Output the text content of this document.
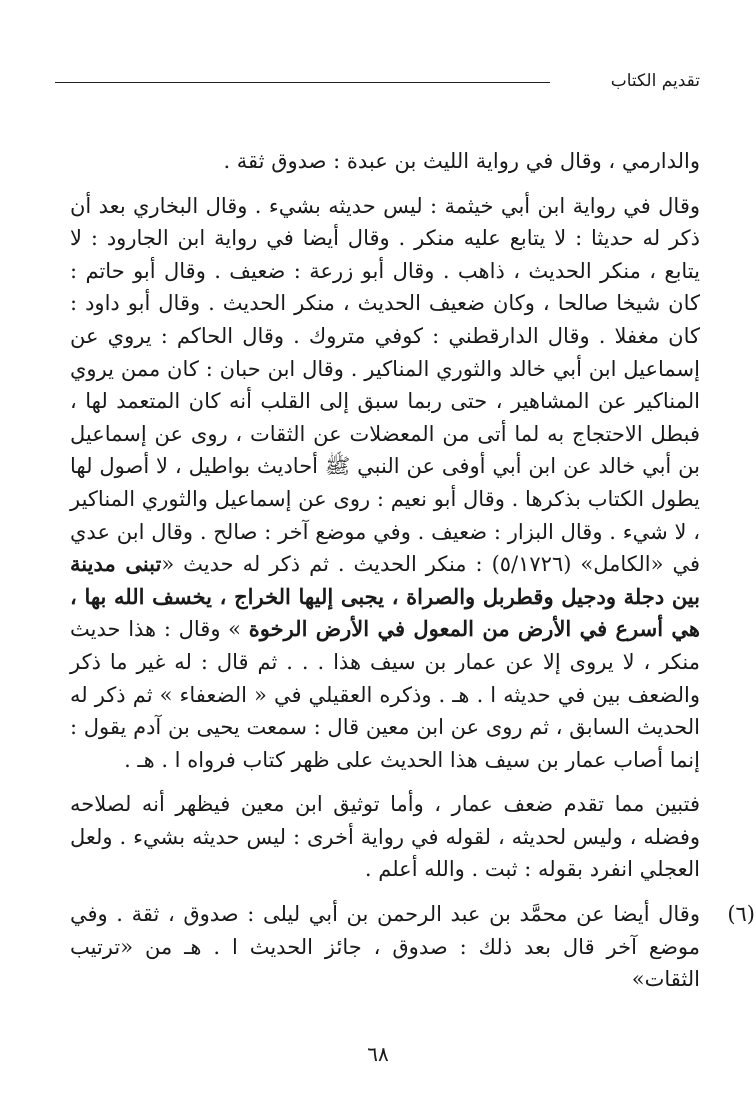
تقديم الكتاب

والدارمي ، وقال في رواية الليث بن عبدة : صدوق ثقة .

وقال في رواية ابن أبي خيثمة : ليس حديثه بشيء . وقال البخاري بعد أن ذكر له حديثا : لا يتابع عليه منكر . وقال أيضا في رواية ابن الجارود : لا يتابع ، منكر الحديث ، ذاهب . وقال أبو زرعة : ضعيف . وقال أبو حاتم : كان شيخا صالحا ، وكان ضعيف الحديث ، منكر الحديث . وقال أبو داود : كان مغفلا . وقال الدارقطني : كوفي متروك . وقال الحاكم : يروي عن إسماعيل ابن أبي خالد والثوري المناكير . وقال ابن حبان : كان ممن يروي المناكير عن المشاهير ، حتى ربما سبق إلى القلب أنه كان المتعمد لها ، فبطل الاحتجاج به لما أتى من المعضلات عن الثقات ، روى عن إسماعيل بن أبي خالد عن ابن أبي أوفى عن النبي ﷺ أحاديث بواطيل ، لا أصول لها يطول الكتاب بذكرها . وقال أبو نعيم : روى عن إسماعيل والثوري المناكير ، لا شيء . وقال البزار : ضعيف . وفي موضع آخر : صالح . وقال ابن عدي في «الكامل» (٥/١٧٢٦) : منكر الحديث . ثم ذكر له حديث «تبنى مدينة بين دجلة ودجيل وقطربل والصراة ، يجبى إليها الخراج ، يخسف الله بها ، هي أسرع في الأرض من المعول في الأرض الرخوة » وقال : هذا حديث منكر ، لا يروى إلا عن عمار بن سيف هذا . . . ثم قال : له غير ما ذكر والضعف بين في حديثه ا . هـ . وذكره العقيلي في « الضعفاء » ثم ذكر له الحديث السابق ، ثم روى عن ابن معين قال : سمعت يحيى بن آدم يقول : إنما أصاب عمار بن سيف هذا الحديث على ظهر كتاب فرواه ا . هـ .

فتبين مما تقدم ضعف عمار ، وأما توثيق ابن معين فيظهر أنه لصلاحه وفضله ، وليس لحديثه ، لقوله في رواية أخرى : ليس حديثه بشيء . ولعل العجلي انفرد بقوله : ثبت . والله أعلم .

(٦)

وقال أيضا عن محمَّد بن عبد الرحمن بن أبي ليلى : صدوق ، ثقة . وفي موضع آخر قال بعد ذلك : صدوق ، جائز الحديث ا . هـ من «ترتيب الثقات»

٦٨
